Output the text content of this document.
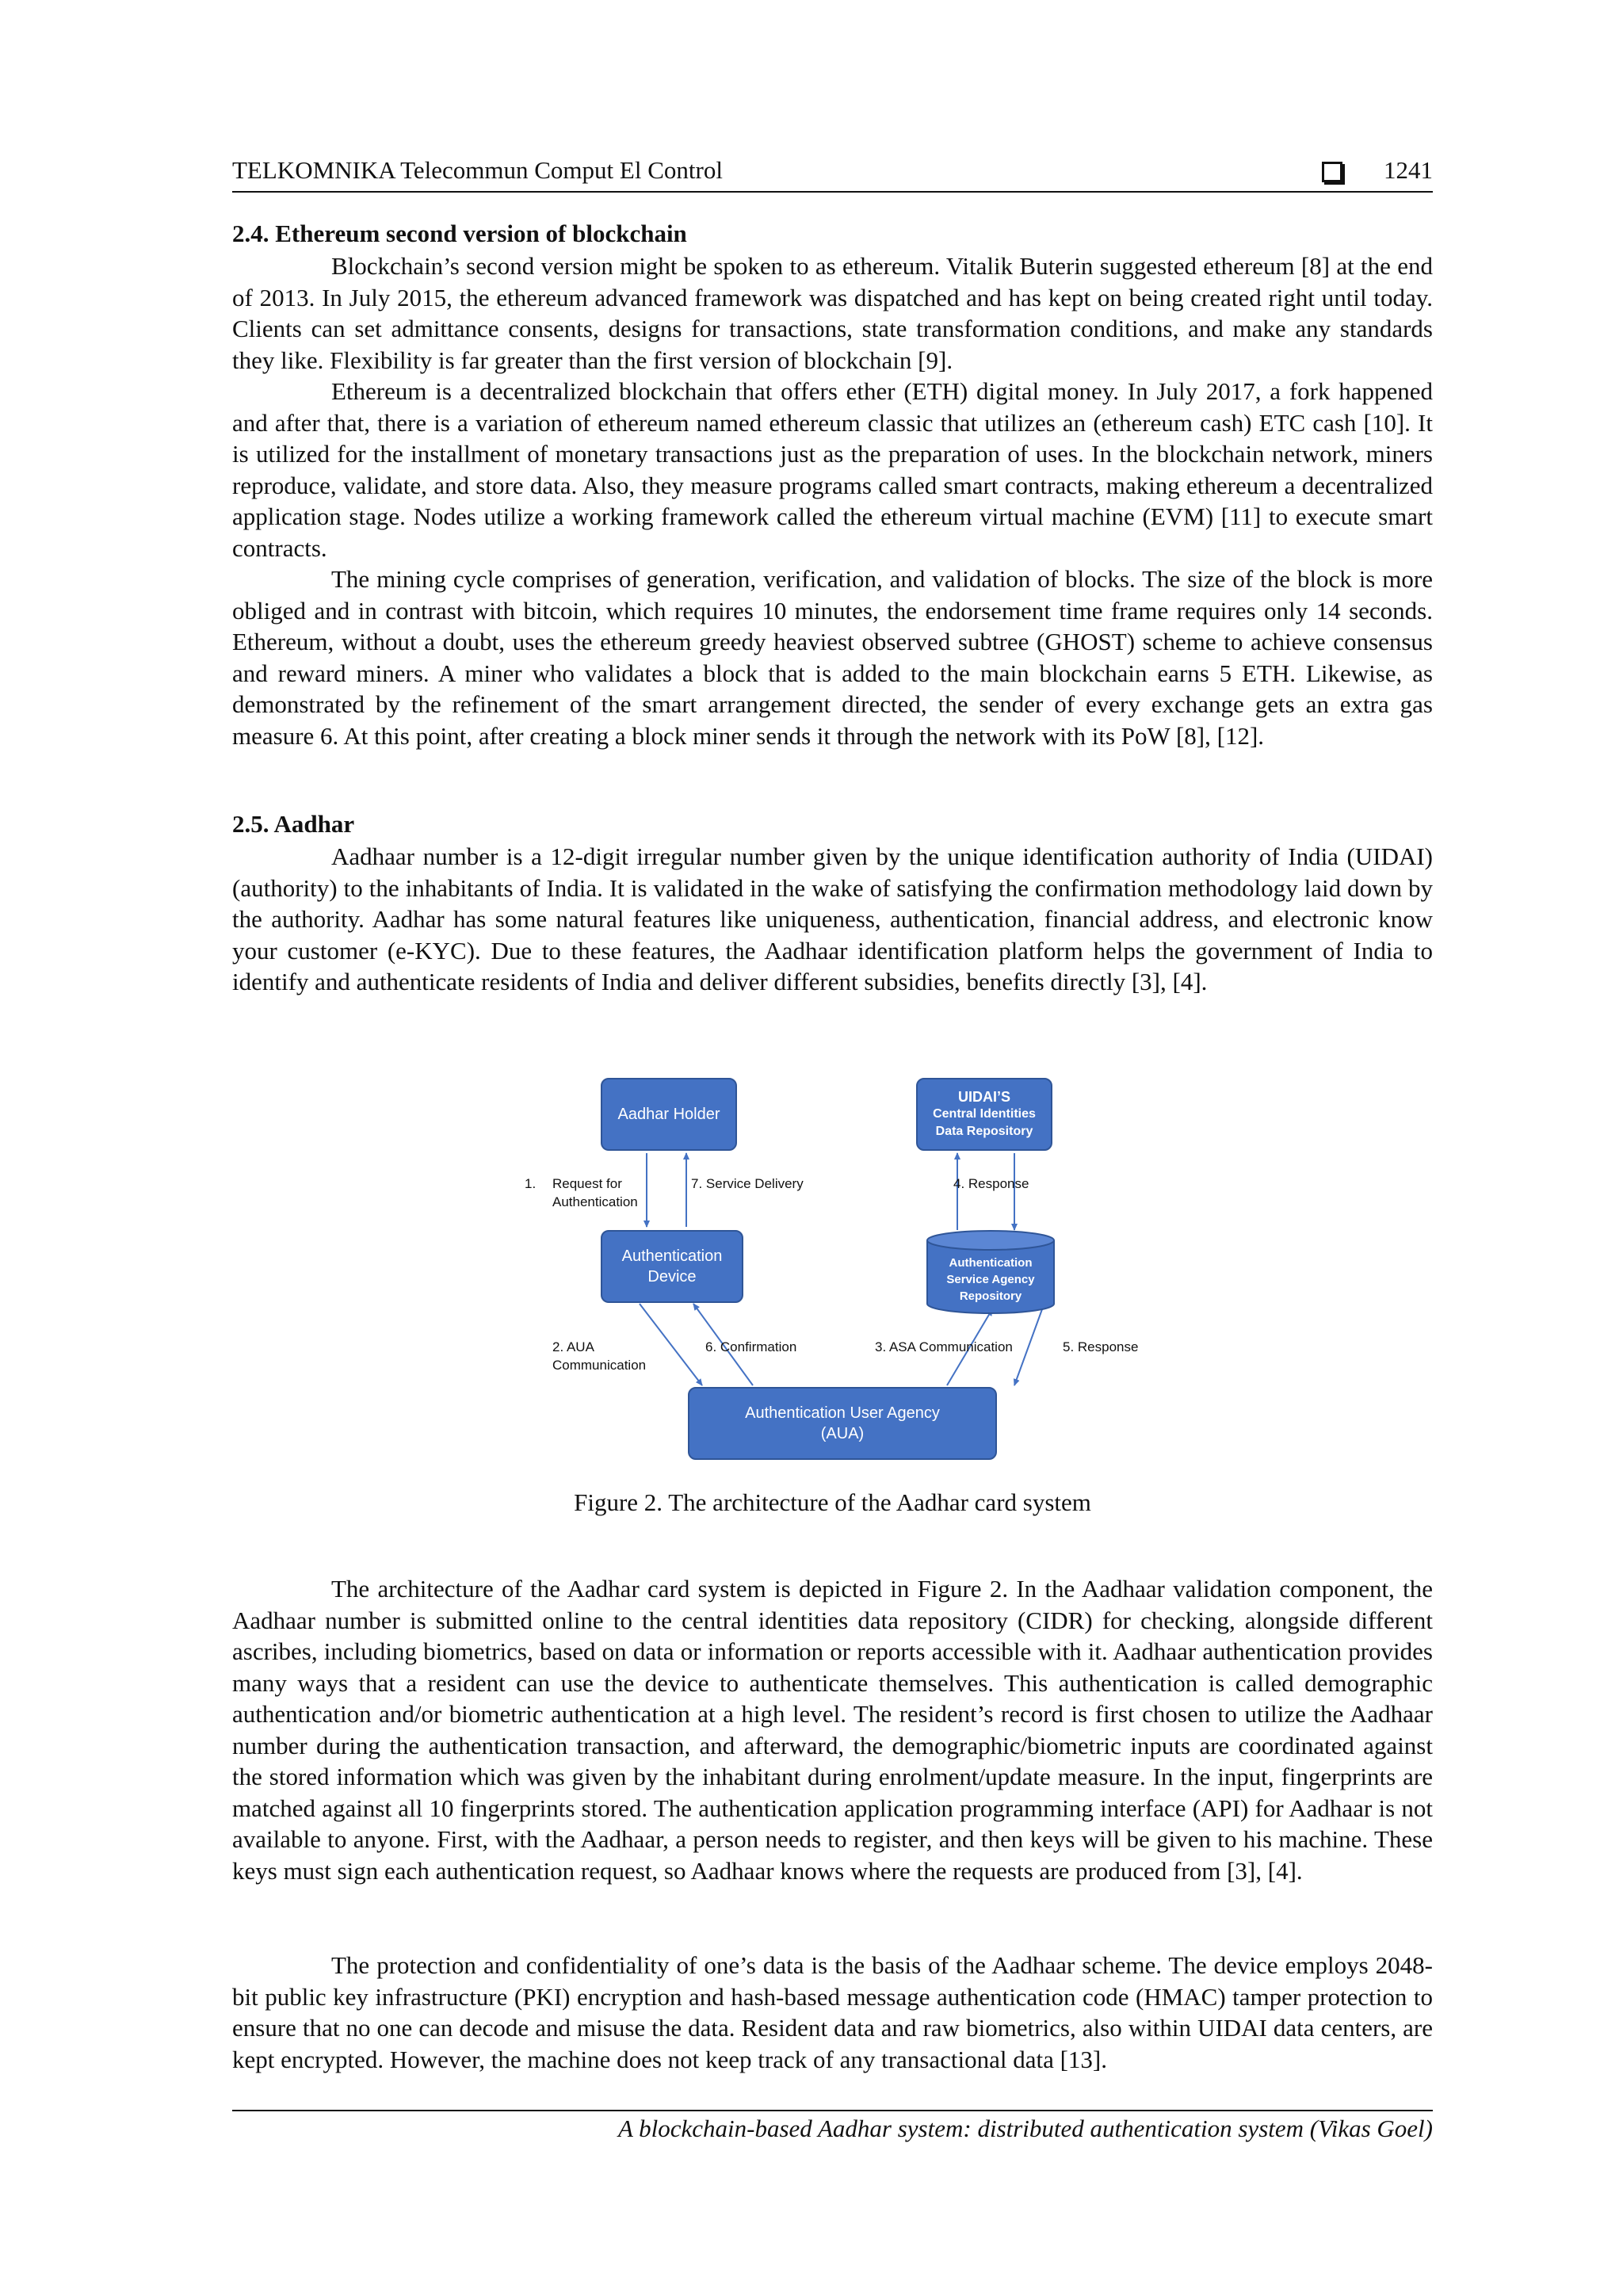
TELKOMNIKA Telecommun Comput El Control	1241
2.4. Ethereum second version of blockchain

Blockchain’s second version might be spoken to as ethereum. Vitalik Buterin suggested ethereum [8] at the end of 2013. In July 2015, the ethereum advanced framework was dispatched and has kept on being created right until today. Clients can set admittance consents, designs for transactions, state transformation conditions, and make any standards they like. Flexibility is far greater than the first version of blockchain [9].

Ethereum is a decentralized blockchain that offers ether (ETH) digital money. In July 2017, a fork happened and after that, there is a variation of ethereum named ethereum classic that utilizes an (ethereum cash) ETC cash [10]. It is utilized for the installment of monetary transactions just as the preparation of uses. In the blockchain network, miners reproduce, validate, and store data. Also, they measure programs called smart contracts, making ethereum a decentralized application stage. Nodes utilize a working framework called the ethereum virtual machine (EVM) [11] to execute smart contracts.

The mining cycle comprises of generation, verification, and validation of blocks. The size of the block is more obliged and in contrast with bitcoin, which requires 10 minutes, the endorsement time frame requires only 14 seconds. Ethereum, without a doubt, uses the ethereum greedy heaviest observed subtree (GHOST) scheme to achieve consensus and reward miners. A miner who validates a block that is added to the main blockchain earns 5 ETH. Likewise, as demonstrated by the refinement of the smart arrangement directed, the sender of every exchange gets an extra gas measure 6. At this point, after creating a block miner sends it through the network with its PoW [8], [12].

2.5. Aadhar

Aadhaar number is a 12-digit irregular number given by the unique identification authority of India (UIDAI) (authority) to the inhabitants of India. It is validated in the wake of satisfying the confirmation methodology laid down by the authority. Aadhar has some natural features like uniqueness, authentication, financial address, and electronic know your customer (e-KYC). Due to these features, the Aadhaar identification platform helps the government of India to identify and authenticate residents of India and deliver different subsidies, benefits directly [3], [4].

Aadhar Holder
UIDAI’S
Central Identities
Data Repository
Authentication
Device
Authentication
Service Agency
Repository
Authentication User Agency
(AUA)
1. Request for
Authentication
7. Service Delivery	4. Response
2. AUA
Communication
6. Confirmation	3. ASA Communication	5. Response
Figure 2. The architecture of the Aadhar card system

The architecture of the Aadhar card system is depicted in Figure 2. In the Aadhaar validation component, the Aadhaar number is submitted online to the central identities data repository (CIDR) for checking, alongside different ascribes, including biometrics, based on data or information or reports accessible with it. Aadhaar authentication provides many ways that a resident can use the device to authenticate themselves. This authentication is called demographic authentication and/or biometric authentication at a high level. The resident’s record is first chosen to utilize the Aadhaar number during the authentication transaction, and afterward, the demographic/biometric inputs are coordinated against the stored information which was given by the inhabitant during enrolment/update measure. In the input, fingerprints are matched against all 10 fingerprints stored. The authentication application programming interface (API) for Aadhaar is not available to anyone. First, with the Aadhaar, a person needs to register, and then keys will be given to his machine. These keys must sign each authentication request, so Aadhaar knows where the requests are produced from [3], [4].

The protection and confidentiality of one’s data is the basis of the Aadhaar scheme. The device employs 2048-bit public key infrastructure (PKI) encryption and hash-based message authentication code (HMAC) tamper protection to ensure that no one can decode and misuse the data. Resident data and raw biometrics, also within UIDAI data centers, are kept encrypted. However, the machine does not keep track of any transactional data [13].

A blockchain-based Aadhar system: distributed authentication system (Vikas Goel)
